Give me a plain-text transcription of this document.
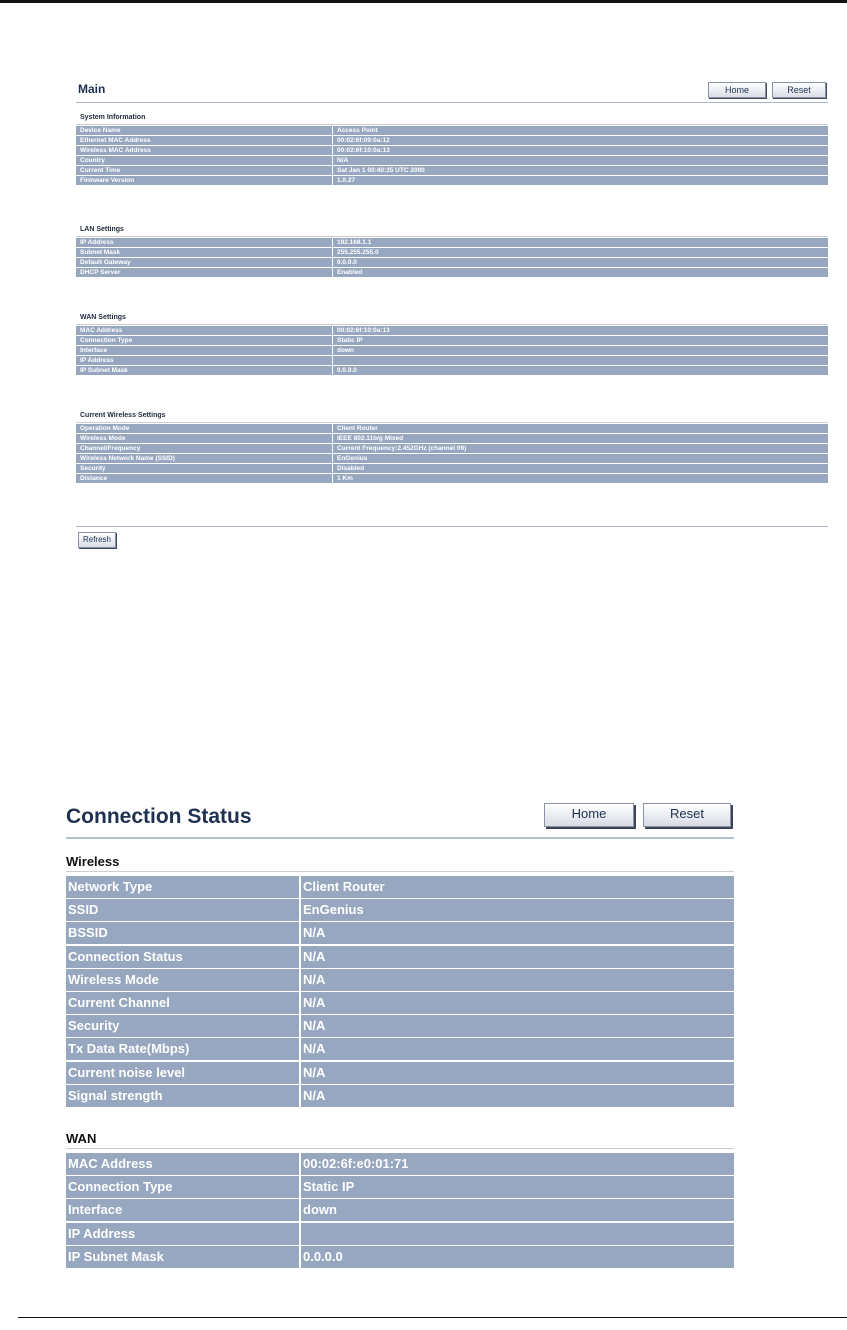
Main	Home	Reset
System Information
Device Name	Access Point
Ethernet MAC Address	00:02:6f:09:0a:12
Wireless MAC Address	00:02:6f:10:0a:13
Country	N/A
Current Time	Sat Jan 1 00:40:35 UTC 2000
Firmware Version	1.0.27
LAN Settings
IP Address	192.168.1.1
Subnet Mask	255.255.255.0
Default Gateway	0.0.0.0
DHCP Server	Enabled
WAN Settings
MAC Address	00:02:6f:10:0a:13
Connection Type	Static IP
Interface	down
IP Address
IP Subnet Mask	0.0.0.0
Current Wireless Settings
Operation Mode	Client Router
Wireless Mode	IEEE 802.11b/g Mixed
Channel/Frequency	Current Frequency:2.452GHz (channel 09)
Wireless Network Name (SSID)	EnGenius
Security	Disabled
Distance	1 Km
Refresh
Connection Status	Home	Reset
Wireless
Network Type	Client Router
SSID	EnGenius
BSSID	N/A
Connection Status	N/A
Wireless Mode	N/A
Current Channel	N/A
Security	N/A
Tx Data Rate(Mbps)	N/A
Current noise level	N/A
Signal strength	N/A
WAN
MAC Address	00:02:6f:e0:01:71
Connection Type	Static IP
Interface	down
IP Address
IP Subnet Mask	0.0.0.0
